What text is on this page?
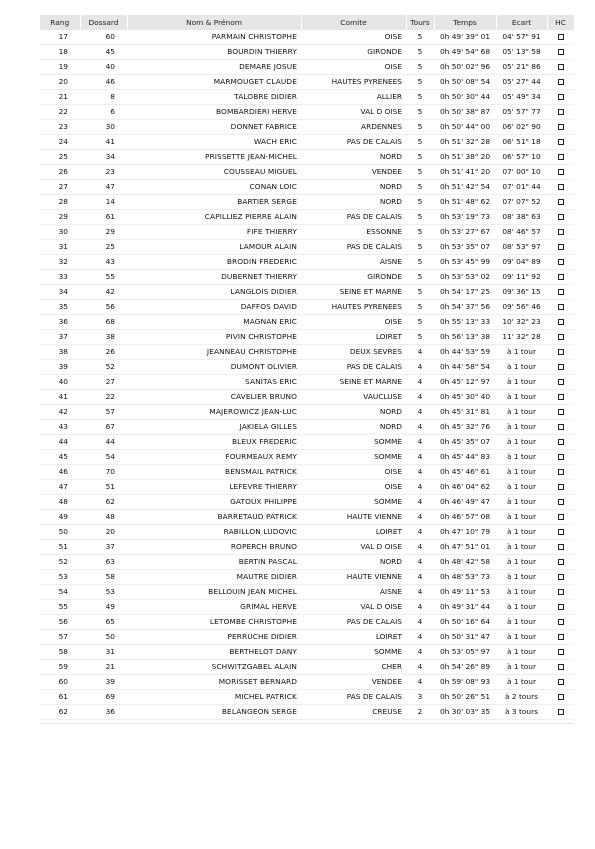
Rang	Dossard	Nom & Prénom	Comite	Tours	Temps	Ecart	HC
17	60	PARMAIN CHRISTOPHE	OISE	5	0h 49' 39" 01	04' 57" 91	
18	45	BOURDIN THIERRY	GIRONDE	5	0h 49' 54" 68	05' 13" 58	
19	40	DEMARE JOSUE	OISE	5	0h 50' 02" 96	05' 21" 86	
20	46	MARMOUGET CLAUDE	HAUTES PYRENEES	5	0h 50' 08" 54	05' 27" 44	
21	8	TALOBRE DIDIER	ALLIER	5	0h 50' 30" 44	05' 49" 34	
22	6	BOMBARDIERI HERVE	VAL D OISE	5	0h 50' 38" 87	05' 57" 77	
23	30	DONNET FABRICE	ARDENNES	5	0h 50' 44" 00	06' 02" 90	
24	41	WACH ERIC	PAS DE CALAIS	5	0h 51' 32" 28	06' 51" 18	
25	34	PRISSETTE JEAN-MICHEL	NORD	5	0h 51' 38" 20	06' 57" 10	
26	23	COUSSEAU MIGUEL	VENDEE	5	0h 51' 41" 20	07' 00" 10	
27	47	CONAN LOIC	NORD	5	0h 51' 42" 54	07' 01" 44	
28	14	BARTIER SERGE	NORD	5	0h 51' 48" 62	07' 07" 52	
29	61	CAPILLIEZ PIERRE ALAIN	PAS DE CALAIS	5	0h 53' 19" 73	08' 38" 63	
30	29	FIFE THIERRY	ESSONNE	5	0h 53' 27" 67	08' 46" 57	
31	25	LAMOUR ALAIN	PAS DE CALAIS	5	0h 53' 35" 07	08' 53" 97	
32	43	BRODIN FREDERIC	AISNE	5	0h 53' 45" 99	09' 04" 89	
33	55	DUBERNET THIERRY	GIRONDE	5	0h 53' 53" 02	09' 11" 92	
34	42	LANGLOIS DIDIER	SEINE ET MARNE	5	0h 54' 17" 25	09' 36" 15	
35	56	DAFFOS DAVID	HAUTES PYRENEES	5	0h 54' 37" 56	09' 56" 46	
36	68	MAGNAN ERIC	OISE	5	0h 55' 13" 33	10' 32" 23	
37	38	PIVIN CHRISTOPHE	LOIRET	5	0h 56' 13" 38	11' 32" 28	
38	26	JEANNEAU CHRISTOPHE	DEUX SEVRES	4	0h 44' 53" 59	à 1 tour	
39	52	DUMONT OLIVIER	PAS DE CALAIS	4	0h 44' 58" 54	à 1 tour	
40	27	SANITAS ERIC	SEINE ET MARNE	4	0h 45' 12" 97	à 1 tour	
41	22	CAVELIER BRUNO	VAUCLUSE	4	0h 45' 30" 40	à 1 tour	
42	57	MAJEROWICZ JEAN-LUC	NORD	4	0h 45' 31" 81	à 1 tour	
43	67	JAKIELA GILLES	NORD	4	0h 45' 32" 76	à 1 tour	
44	44	BLEUX FREDERIC	SOMME	4	0h 45' 35" 07	à 1 tour	
45	54	FOURMEAUX REMY	SOMME	4	0h 45' 44" 83	à 1 tour	
46	70	BENSMAIL PATRICK	OISE	4	0h 45' 46" 61	à 1 tour	
47	51	LEFEVRE THIERRY	OISE	4	0h 46' 04" 62	à 1 tour	
48	62	GATOUX PHILIPPE	SOMME	4	0h 46' 49" 47	à 1 tour	
49	48	BARRETAUD PATRICK	HAUTE VIENNE	4	0h 46' 57" 08	à 1 tour	
50	20	RABILLON LUDOVIC	LOIRET	4	0h 47' 10" 79	à 1 tour	
51	37	ROPERCH BRUNO	VAL D OISE	4	0h 47' 51" 01	à 1 tour	
52	63	BERTIN PASCAL	NORD	4	0h 48' 42" 58	à 1 tour	
53	58	MAUTRE DIDIER	HAUTE VIENNE	4	0h 48' 53" 73	à 1 tour	
54	53	BELLOUIN JEAN MICHEL	AISNE	4	0h 49' 11" 53	à 1 tour	
55	49	GRIMAL HERVE	VAL D OISE	4	0h 49' 31" 44	à 1 tour	
56	65	LETOMBE CHRISTOPHE	PAS DE CALAIS	4	0h 50' 16" 64	à 1 tour	
57	50	PERRUCHE DIDIER	LOIRET	4	0h 50' 31" 47	à 1 tour	
58	31	BERTHELOT DANY	SOMME	4	0h 53' 05" 97	à 1 tour	
59	21	SCHWITZGABEL ALAIN	CHER	4	0h 54' 26" 89	à 1 tour	
60	39	MORISSET BERNARD	VENDEE	4	0h 59' 08" 93	à 1 tour	
61	69	MICHEL PATRICK	PAS DE CALAIS	3	0h 50' 26" 51	à 2 tours	
62	36	BELANGEON SERGE	CREUSE	2	0h 30' 03" 35	à 3 tours	
